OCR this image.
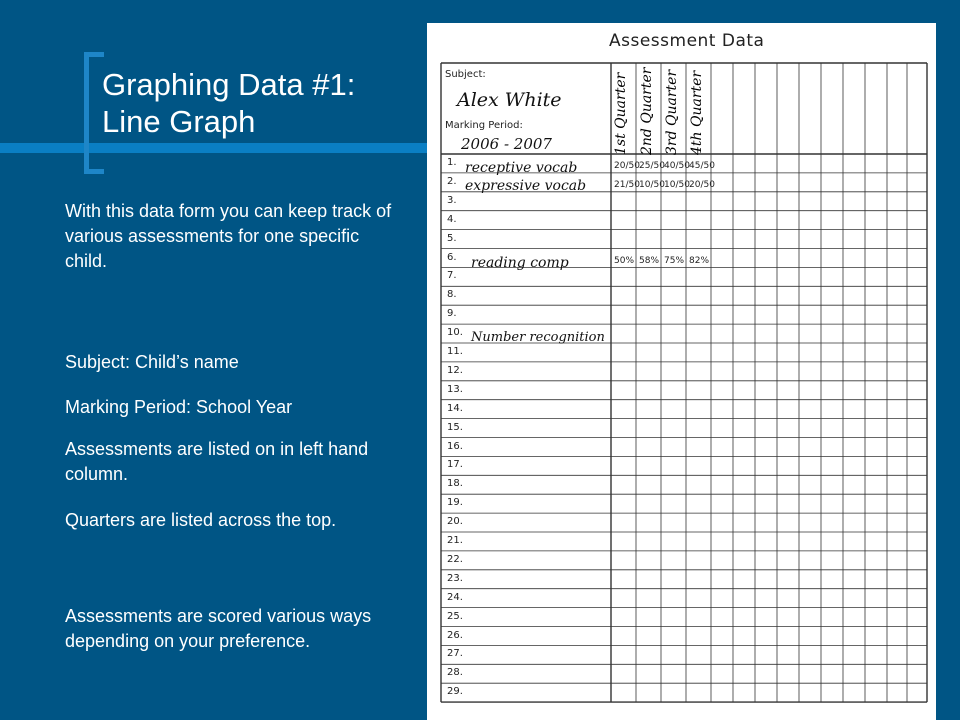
Graphing Data #1:
Line Graph

With this data form you can keep track of various assessments for one specific child.

Subject: Child’s name

Marking Period: School Year

Assessments are listed on in left hand column.

Quarters are listed across the top.

Assessments are scored various ways depending on your preference.

Assessment Data
Subject:
Alex White
Marking Period:
2006 - 2007	1st Quarter 2nd Quarter 3rd Quarter 4th Quarter
1.
2.
3.
4.
5.
6.
7.
8.
9.
10.
11.
12.
13.
14.
15.
16.
17.
18.
19.
20.
21.
22.
23.
24.
25.
26.
27.
28.
29.
receptive vocab
expressive vocab
reading comp
Number recognition
20/50 25/50 40/50 45/50
21/50 10/50 10/50 20/50
50% 58% 75% 82%
